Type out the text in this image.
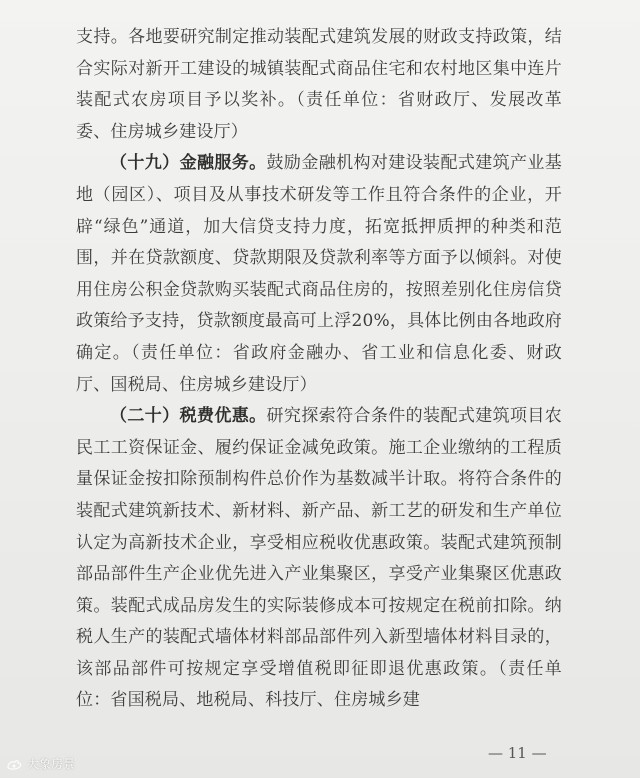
支持。各地要研究制定推动装配式建筑发展的财政支持政策，结合实际对新开工建设的城镇装配式商品住宅和农村地区集中连片装配式农房项目予以奖补。（责任单位：省财政厅、发展改革委、住房城乡建设厅）

（十九）金融服务。鼓励金融机构对建设装配式建筑产业基地（园区）、项目及从事技术研发等工作且符合条件的企业，开辟“绿色”通道，加大信贷支持力度，拓宽抵押质押的种类和范围，并在贷款额度、贷款期限及贷款利率等方面予以倾斜。对使用住房公积金贷款购买装配式商品住房的，按照差别化住房信贷政策给予支持，贷款额度最高可上浮20%，具体比例由各地政府确定。（责任单位：省政府金融办、省工业和信息化委、财政厅、国税局、住房城乡建设厅）

（二十）税费优惠。研究探索符合条件的装配式建筑项目农民工工资保证金、履约保证金减免政策。施工企业缴纳的工程质量保证金按扣除预制构件总价作为基数减半计取。将符合条件的装配式建筑新技术、新材料、新产品、新工艺的研发和生产单位认定为高新技术企业，享受相应税收优惠政策。装配式建筑预制部品部件生产企业优先进入产业集聚区，享受产业集聚区优惠政策。装配式成品房发生的实际装修成本可按规定在税前扣除。纳税人生产的装配式墙体材料部品部件列入新型墙体材料目录的，该部品部件可按规定享受增值税即征即退优惠政策。（责任单位：省国税局、地税局、科技厅、住房城乡建

— 11 —
大象房景
